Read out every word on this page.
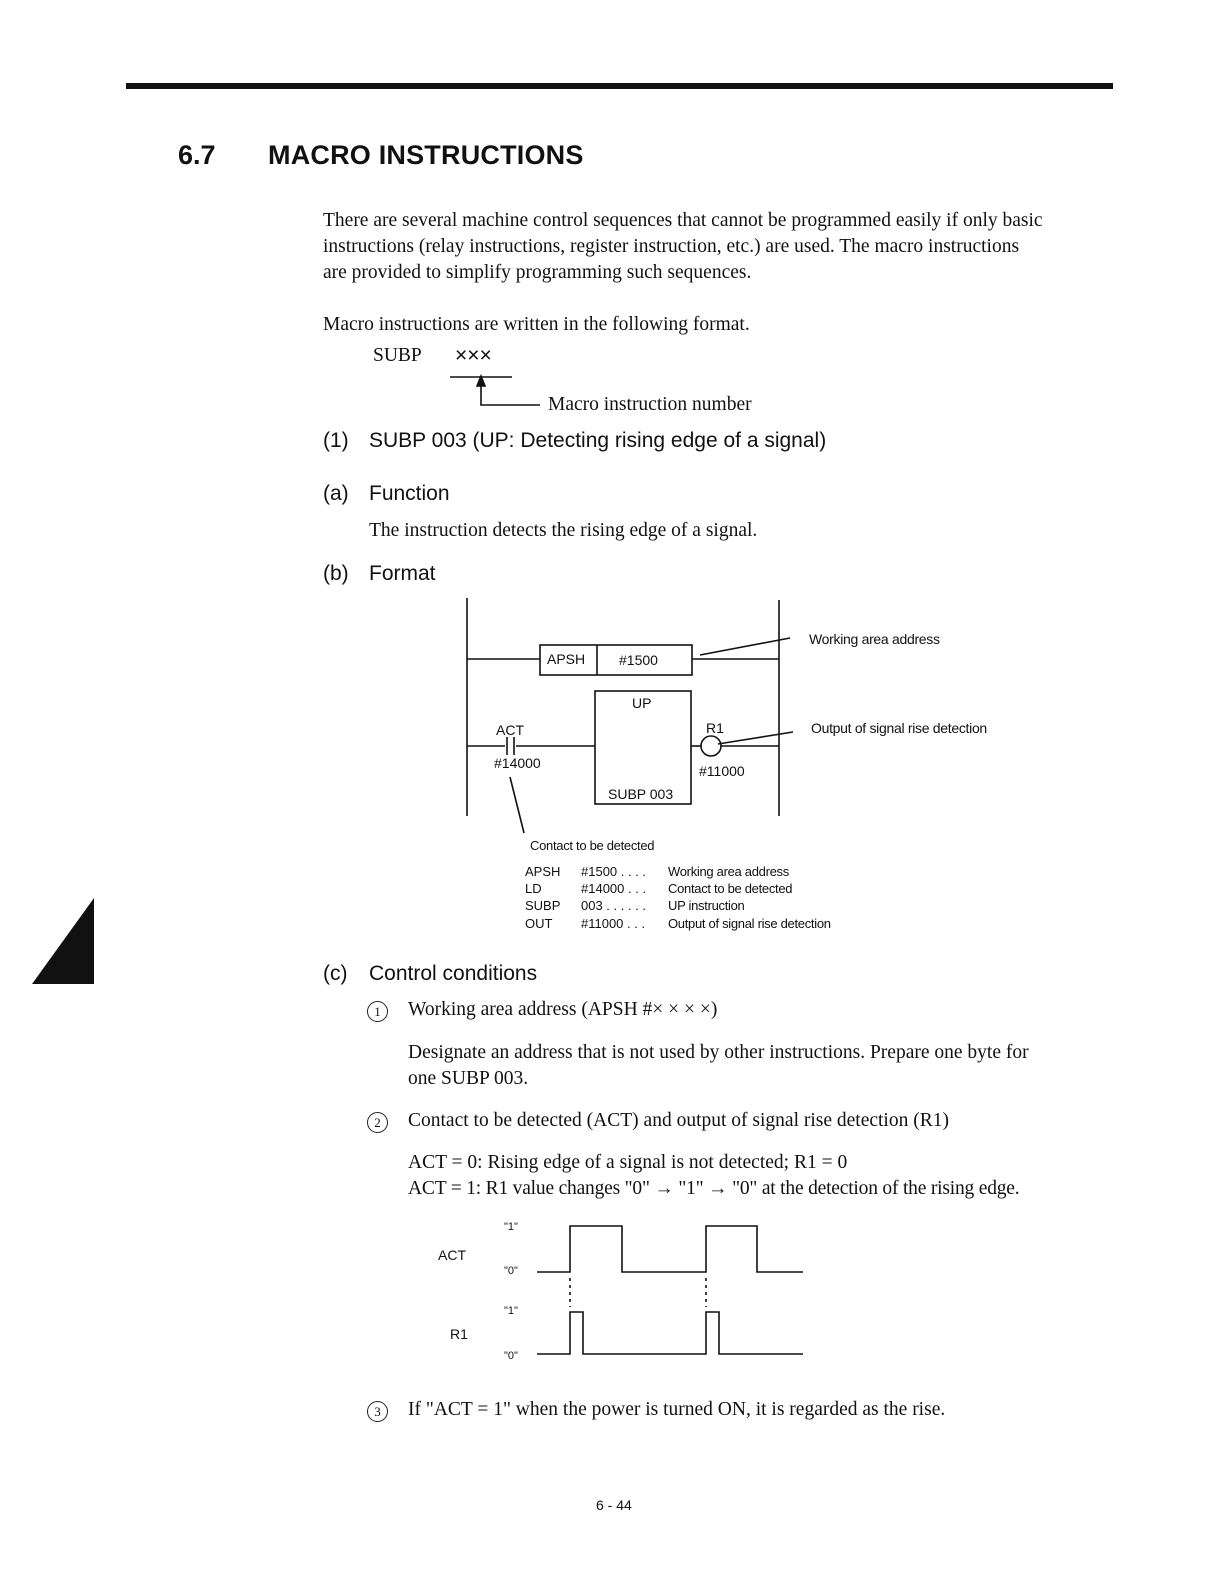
6.7 MACRO INSTRUCTIONS
There are several machine control sequences that cannot be programmed easily if only basic
instructions (relay instructions, register instruction, etc.) are used. The macro instructions
are provided to simplify programming such sequences.
Macro instructions are written in the following format.
SUBP ×××
Macro instruction number
(1) SUBP 003 (UP: Detecting rising edge of a signal)
(a) Function
The instruction detects the rising edge of a signal.
(b) Format
APSH #1500
UP
SUBP 003
ACT
#14000
R1
#11000
Working area address
Output of signal rise detection
Contact to be detected
APSH #1500 . . . . Working area address
LD	#14000 . . . Contact to be detected
SUBP 003 . . . . . . UP instruction
OUT #11000 . . . Output of signal rise detection
6
(c) Control conditions
1	Working area address (APSH #× × × ×)
Designate an address that is not used by other instructions. Prepare one byte for
one SUBP 003.
2	Contact to be detected (ACT) and output of signal rise detection (R1)
ACT = 0: Rising edge of a signal is not detected; R1 = 0
ACT = 1: R1 value changes "0" → "1" → "0" at the detection of the rising edge.
ACT
R1
"1"
"0"
"1"
"0"
3	If "ACT = 1" when the power is turned ON, it is regarded as the rise.
6 - 44
